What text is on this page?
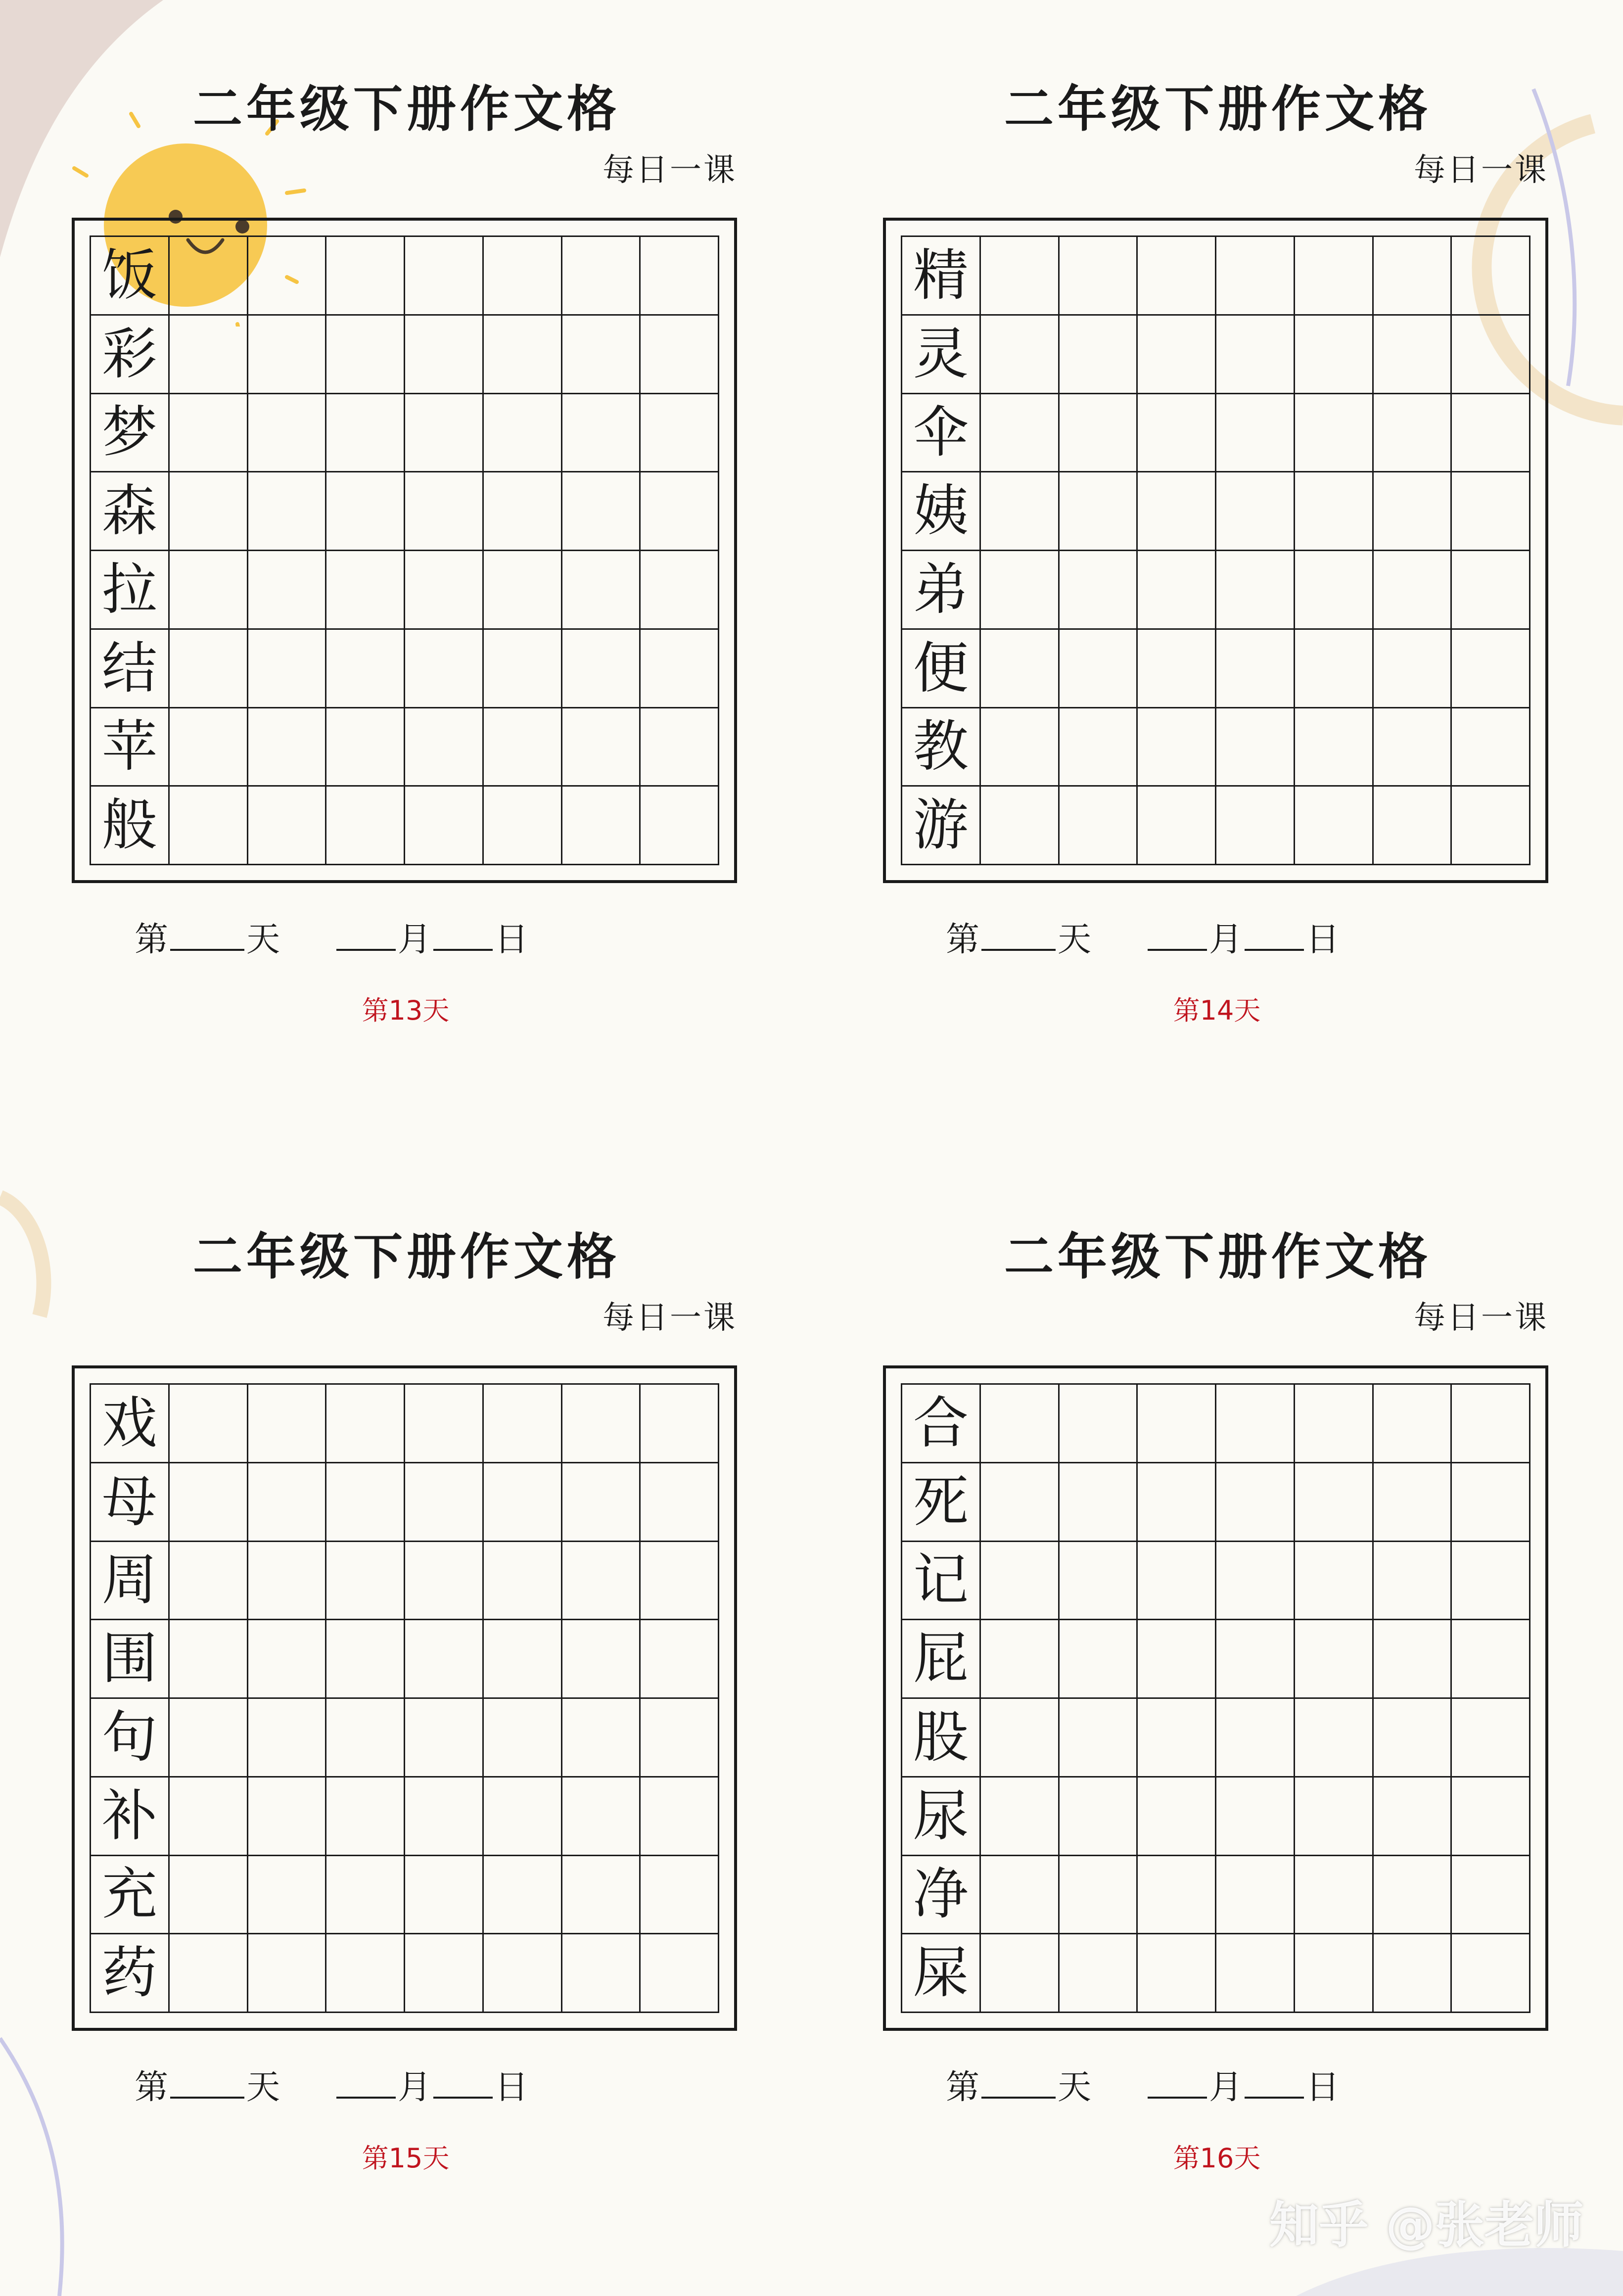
二年级下册作文格
每日一课
饭
彩
梦
森
拉
结
苹
般
第 天	月 日
第13天
二年级下册作文格
每日一课
精
灵
伞
姨
弟
便
教
游
第 天	月 日
第14天
二年级下册作文格
每日一课
戏
母
周
围
句
补
充
药
第 天	月 日
第15天
二年级下册作文格
每日一课
合
死
记
屁
股
尿
净
屎
第 天	月 日
第16天
知乎 @张老师
